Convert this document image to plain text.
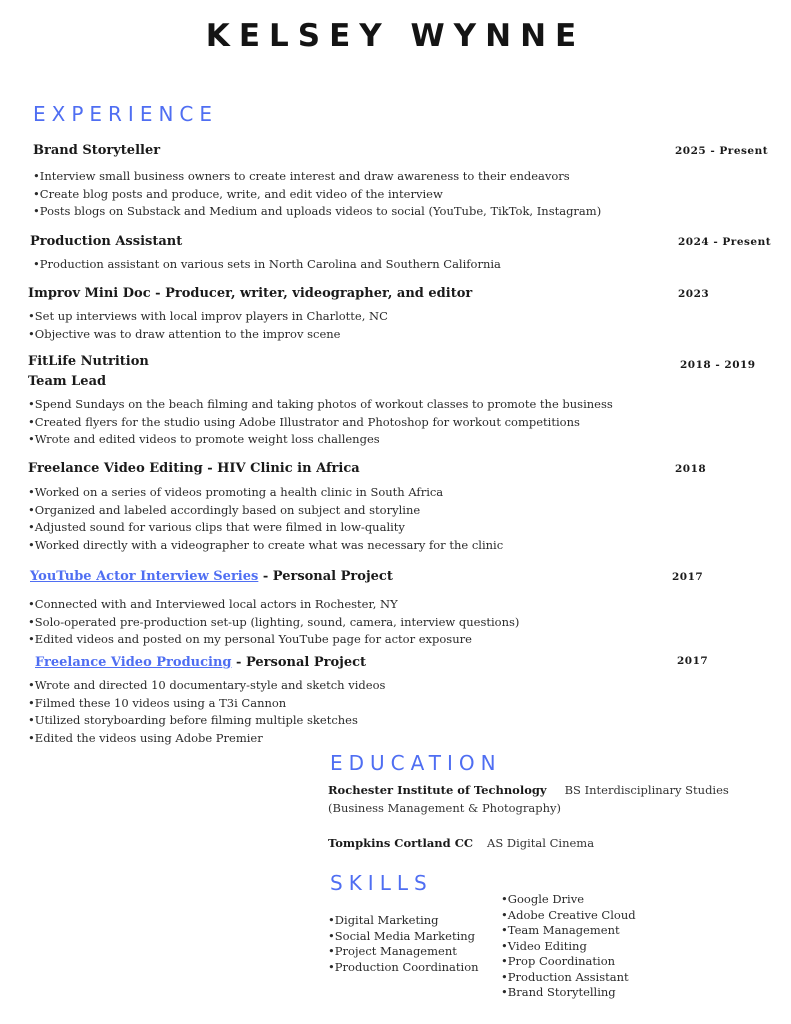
KELSEY WYNNE
EXPERIENCE
Brand Storyteller	2025 - Present
• Interview small business owners to create interest and draw awareness to their endeavors
• Create blog posts and produce, write, and edit video of the interview
• Posts blogs on Substack and Medium and uploads videos to social (YouTube, TikTok, Instagram)
Production Assistant	2024 - Present
• Production assistant on various sets in North Carolina and Southern California
Improv Mini Doc - Producer, writer, videographer, and editor	2023
• Set up interviews with local improv players in Charlotte, NC
• Objective was to draw attention to the improv scene
FitLife Nutrition
Team Lead
2018 - 2019
• Spend Sundays on the beach filming and taking photos of workout classes to promote the business
• Created flyers for the studio using Adobe Illustrator and Photoshop for workout competitions
• Wrote and edited videos to promote weight loss challenges
Freelance Video Editing - HIV Clinic in Africa	2018
• Worked on a series of videos promoting a health clinic in South Africa
• Organized and labeled accordingly based on subject and storyline
• Adjusted sound for various clips that were filmed in low-quality
• Worked directly with a videographer to create what was necessary for the clinic
YouTube Actor Interview Series - Personal Project	2017
• Connected with and Interviewed local actors in Rochester, NY
• Solo-operated pre-production set-up (lighting, sound, camera, interview questions)
• Edited videos and posted on my personal YouTube page for actor exposure
Freelance Video Producing - Personal Project	2017
• Wrote and directed 10 documentary-style and sketch videos
• Filmed these 10 videos using a T3i Cannon
• Utilized storyboarding before filming multiple sketches
• Edited the videos using Adobe Premier
EDUCATION
Rochester Institute of Technology BS Interdisciplinary Studies
(Business Management & Photography)
Tompkins Cortland CC AS Digital Cinema
SKILLS
• Digital Marketing
• Social Media Marketing
• Project Management
• Production Coordination
• Google Drive
• Adobe Creative Cloud
• Team Management
• Video Editing
• Prop Coordination
• Production Assistant
• Brand Storytelling
